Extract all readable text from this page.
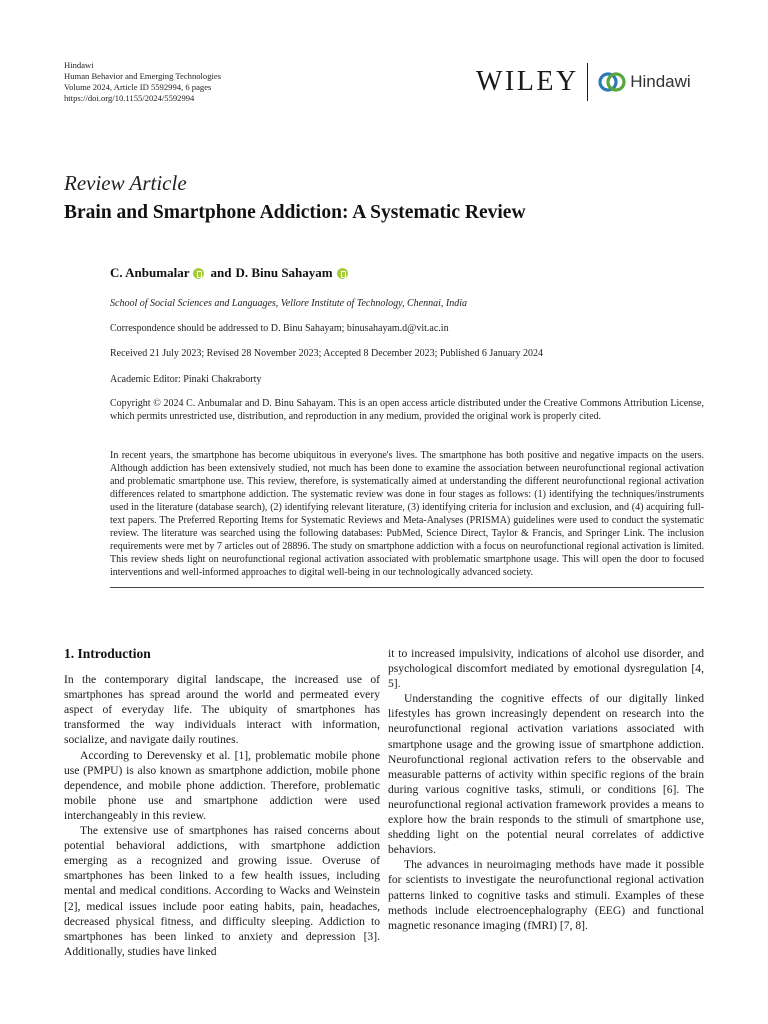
Hindawi
Human Behavior and Emerging Technologies
Volume 2024, Article ID 5592994, 6 pages
https://doi.org/10.1155/2024/5592994
WILEY	Hindawi
Review Article
Brain and Smartphone Addiction: A Systematic Review
C. Anbumalar and D. Binu Sahayam
School of Social Sciences and Languages, Vellore Institute of Technology, Chennai, India
Correspondence should be addressed to D. Binu Sahayam; binusahayam.d@vit.ac.in
Received 21 July 2023; Revised 28 November 2023; Accepted 8 December 2023; Published 6 January 2024
Academic Editor: Pinaki Chakraborty
Copyright © 2024 C. Anbumalar and D. Binu Sahayam. This is an open access article distributed under the Creative Commons Attribution License, which permits unrestricted use, distribution, and reproduction in any medium, provided the original work is properly cited.
In recent years, the smartphone has become ubiquitous in everyone's lives. The smartphone has both positive and negative impacts on the users. Although addiction has been extensively studied, not much has been done to examine the association between neurofunctional regional activation and problematic smartphone use. This review, therefore, is systematically aimed at understanding the different neurofunctional regional activation differences related to smartphone addiction. The systematic review was done in four stages as follows: (1) identifying the techniques/instruments used in the literature (database search), (2) identifying relevant literature, (3) identifying criteria for inclusion and exclusion, and (4) acquiring full-text papers. The Preferred Reporting Items for Systematic Reviews and Meta-Analyses (PRISMA) guidelines were used to conduct the systematic review. The literature was searched using the following databases: PubMed, Science Direct, Taylor & Francis, and Springer Link. The inclusion requirements were met by 7 articles out of 28896. The study on smartphone addiction with a focus on neurofunctional regional activation is limited. This review sheds light on neurofunctional regional activation associated with problematic smartphone usage. This will open the door to focused interventions and well-informed approaches to digital well-being in our technologically advanced society.
1. Introduction

In the contemporary digital landscape, the increased use of smartphones has spread around the world and permeated every aspect of everyday life. The ubiquity of smartphones has transformed the way individuals interact with information, socialize, and navigate daily routines.

According to Derevensky et al. [1], problematic mobile phone use (PMPU) is also known as smartphone addiction, mobile phone dependence, and mobile phone addiction. Therefore, problematic mobile phone use and smartphone addiction were used interchangeably in this review.

The extensive use of smartphones has raised concerns about potential behavioral addictions, with smartphone addiction emerging as a recognized and growing issue. Overuse of smartphones has been linked to a few health issues, including mental and medical conditions. According to Wacks and Weinstein [2], medical issues include poor eating habits, pain, headaches, decreased physical fitness, and difficulty sleeping. Addiction to smartphones has been linked to anxiety and depression [3]. Additionally, studies have linked

it to increased impulsivity, indications of alcohol use disorder, and psychological discomfort mediated by emotional dysregulation [4, 5].

Understanding the cognitive effects of our digitally linked lifestyles has grown increasingly dependent on research into the neurofunctional regional activation variations associated with smartphone usage and the growing issue of smartphone addiction. Neurofunctional regional activation refers to the observable and measurable patterns of activity within specific regions of the brain during various cognitive tasks, stimuli, or conditions [6]. The neurofunctional regional activation framework provides a means to explore how the brain responds to the stimuli of smartphone use, shedding light on the potential neural correlates of addictive behaviors.

The advances in neuroimaging methods have made it possible for scientists to investigate the neurofunctional regional activation patterns linked to cognitive tasks and stimuli. Examples of these methods include electroencephalography (EEG) and functional magnetic resonance imaging (fMRI) [7, 8].
